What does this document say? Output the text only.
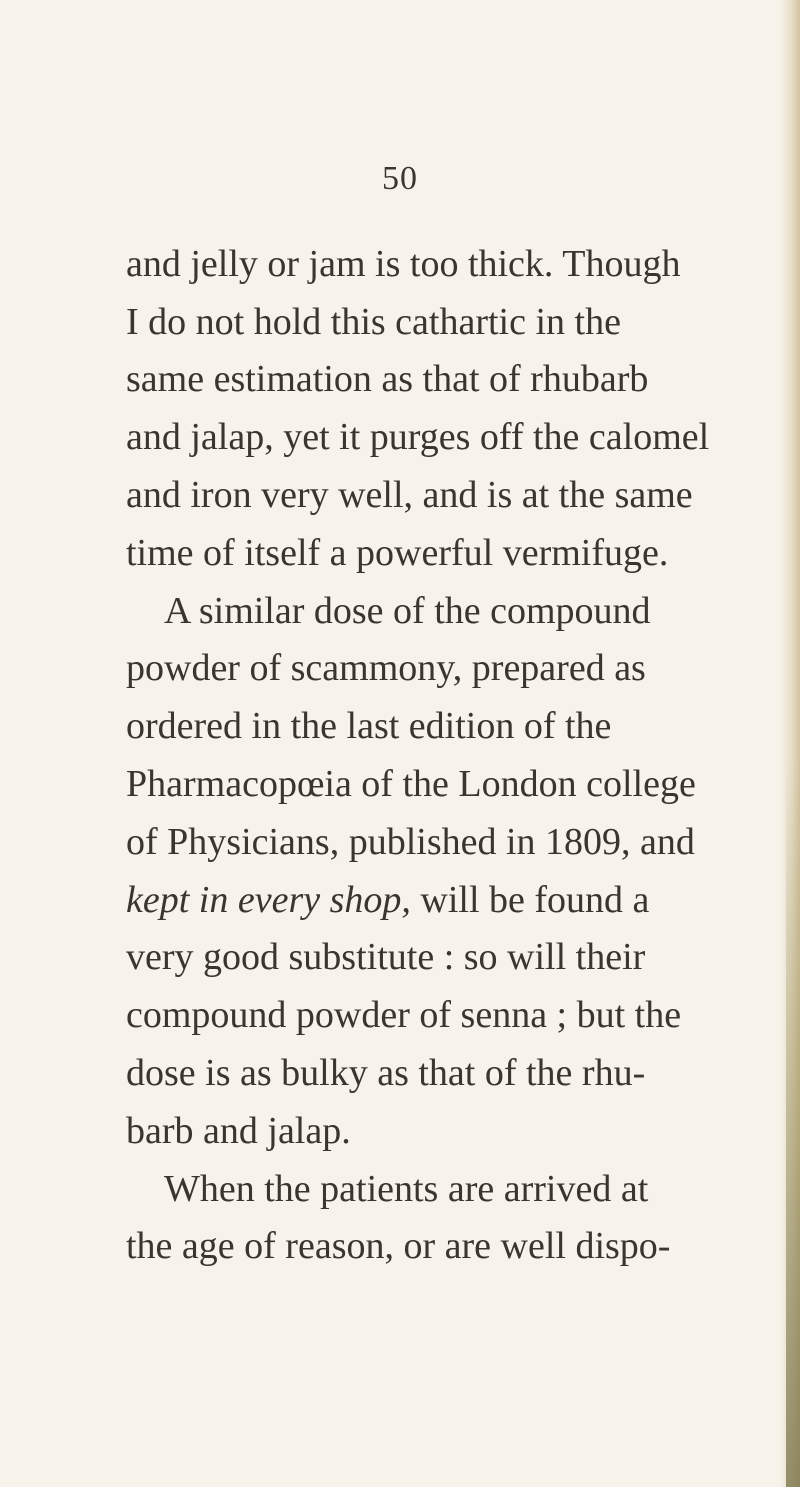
50
and jelly or jam is too thick. Though
I do not hold this cathartic in the
same estimation as that of rhubarb
and jalap, yet it purges off the calomel
and iron very well, and is at the same
time of itself a powerful vermifuge.
A similar dose of the compound
powder of scammony, prepared as
ordered in the last edition of the
Pharmacopœia of the London college
of Physicians, published in 1809, and
kept in every shop, will be found a
very good substitute : so will their
compound powder of senna ; but the
dose is as bulky as that of the rhu-
barb and jalap.
When the patients are arrived at
the age of reason, or are well dispo-
